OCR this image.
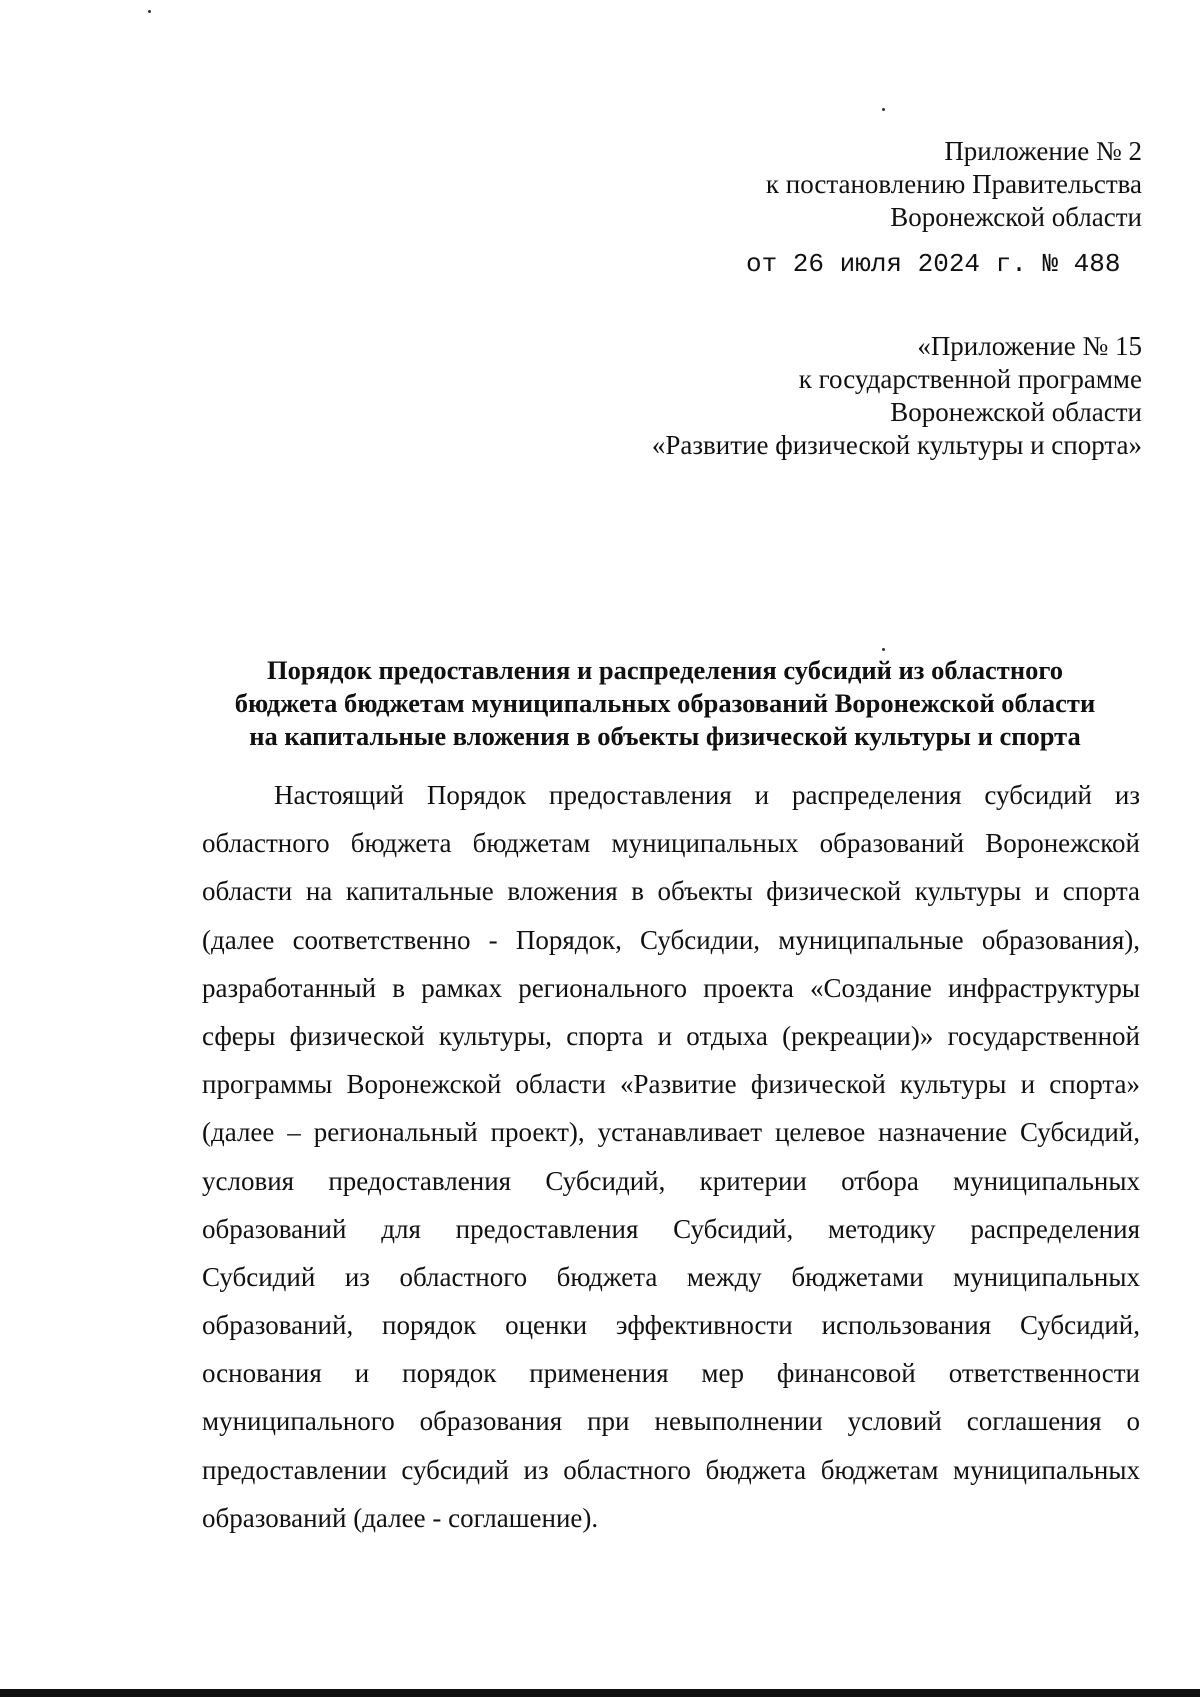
Приложение № 2
к постановлению Правительства
Воронежской области
от 26 июля 2024 г. № 488
«Приложение № 15
к государственной программе
Воронежской области
«Развитие физической культуры и спорта»
Порядок предоставления и распределения субсидий из областного
бюджета бюджетам муниципальных образований Воронежской области
на капитальные вложения в объекты физической культуры и спорта
Настоящий Порядок предоставления и распределения субсидий из
областного бюджета бюджетам муниципальных образований Воронежской
области на капитальные вложения в объекты физической культуры и спорта
(далее соответственно - Порядок, Субсидии, муниципальные образования),
разработанный в рамках регионального проекта «Создание инфраструктуры
сферы физической культуры, спорта и отдыха (рекреации)» государственной
программы Воронежской области «Развитие физической культуры и спорта»
(далее – региональный проект), устанавливает целевое назначение Субсидий,
условия предоставления Субсидий, критерии отбора муниципальных
образований для предоставления Субсидий, методику распределения
Субсидий из областного бюджета между бюджетами муниципальных
образований, порядок оценки эффективности использования Субсидий,
основания и порядок применения мер финансовой ответственности
муниципального образования при невыполнении условий соглашения о
предоставлении субсидий из областного бюджета бюджетам муниципальных
образований (далее - соглашение).
